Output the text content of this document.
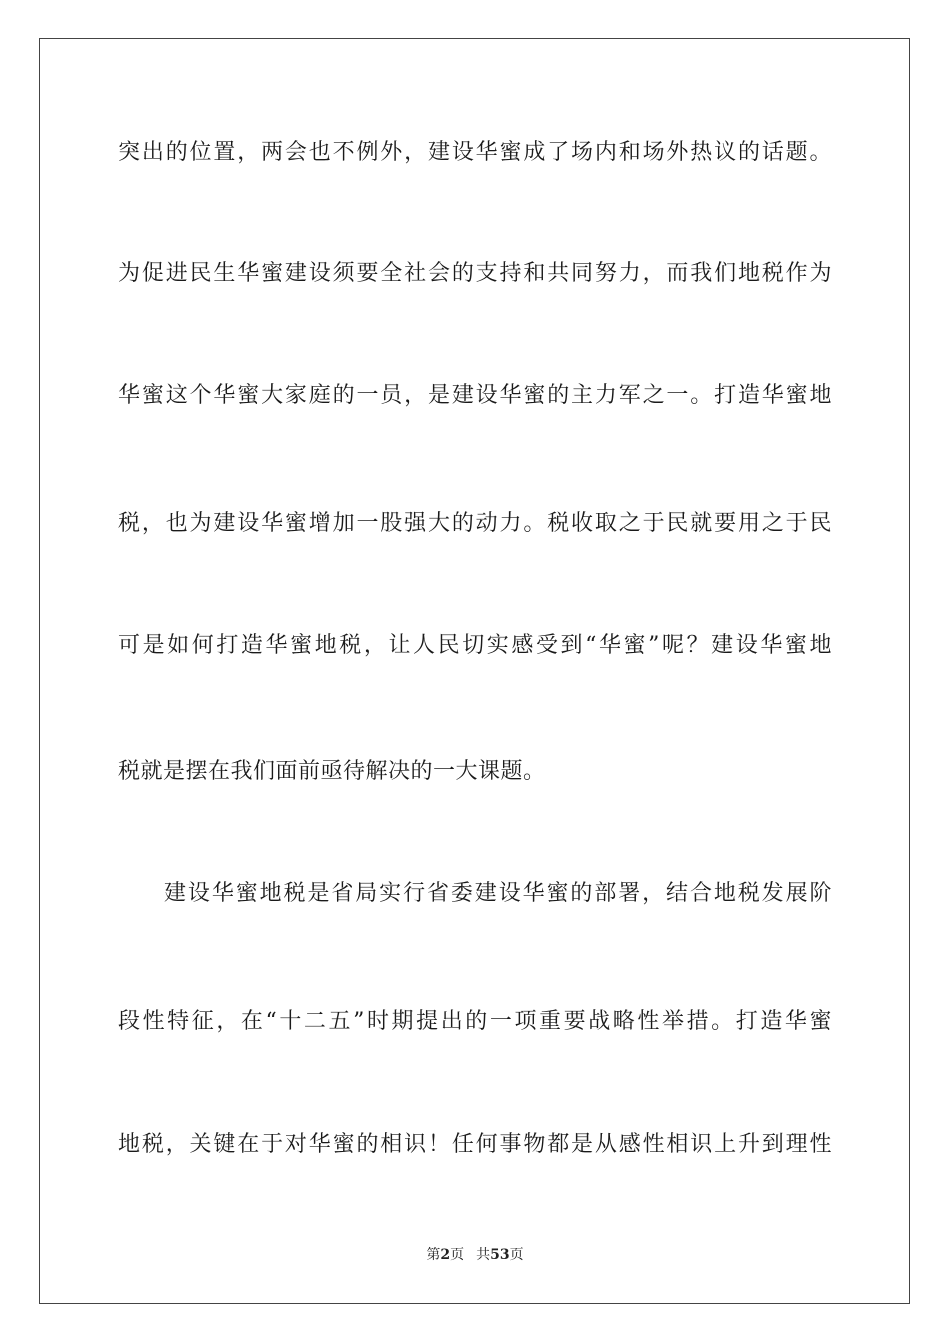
突出的位置，两会也不例外，建设华蜜成了场内和场外热议的话题。
为促进民生华蜜建设须要全社会的支持和共同努力，而我们地税作为
华蜜这个华蜜大家庭的一员，是建设华蜜的主力军之一。打造华蜜地
税，也为建设华蜜增加一股强大的动力。税收取之于民就要用之于民
可是如何打造华蜜地税，让人民切实感受到“华蜜”呢？建设华蜜地
税就是摆在我们面前亟待解决的一大课题。
建设华蜜地税是省局实行省委建设华蜜的部署，结合地税发展阶
段性特征，在“十二五”时期提出的一项重要战略性举措。打造华蜜
地税，关键在于对华蜜的相识！任何事物都是从感性相识上升到理性
第2页 共53页
